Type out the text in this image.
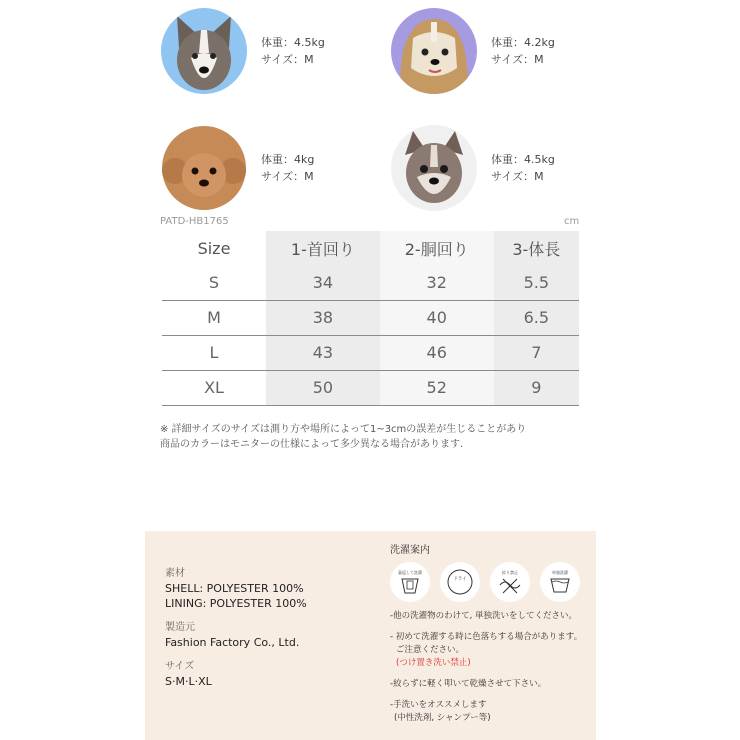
体重：4.5kg
サイズ：M
体重：4.2kg
サイズ：M
体重：4kg
サイズ：M
体重：4.5kg
サイズ：M
PATD-HB1765	cm
Size	1-首回り	2-胴回り	3-体長
S	34	32	5.5
M	38	40	6.5
L	43	46	7
XL	50	52	9
※ 詳細サイズのサイズは測り方や場所によって1~3cmの誤差が生じることがあり
商品のカラーはモニターの仕様によって多少異なる場合があります.
素材
SHELL: POLYESTER 100%
LINING: POLYESTER 100%
製造元
Fashion Factory Co., Ltd.
サイズ
S·M·L·XL
洗濯案内
裏返して洗濯
ドライ
絞り禁止	単独洗濯
-他の洗濯物のわけて, 単独洗いをしてください。
- 初めて洗濯する時に色落ちする場合があります。
ご注意ください。
(つけ置き洗い禁止)
-絞らずに軽く叩いて乾燥させて下さい。
-手洗いをオススメします
(中性洗剤, シャンプー等)
